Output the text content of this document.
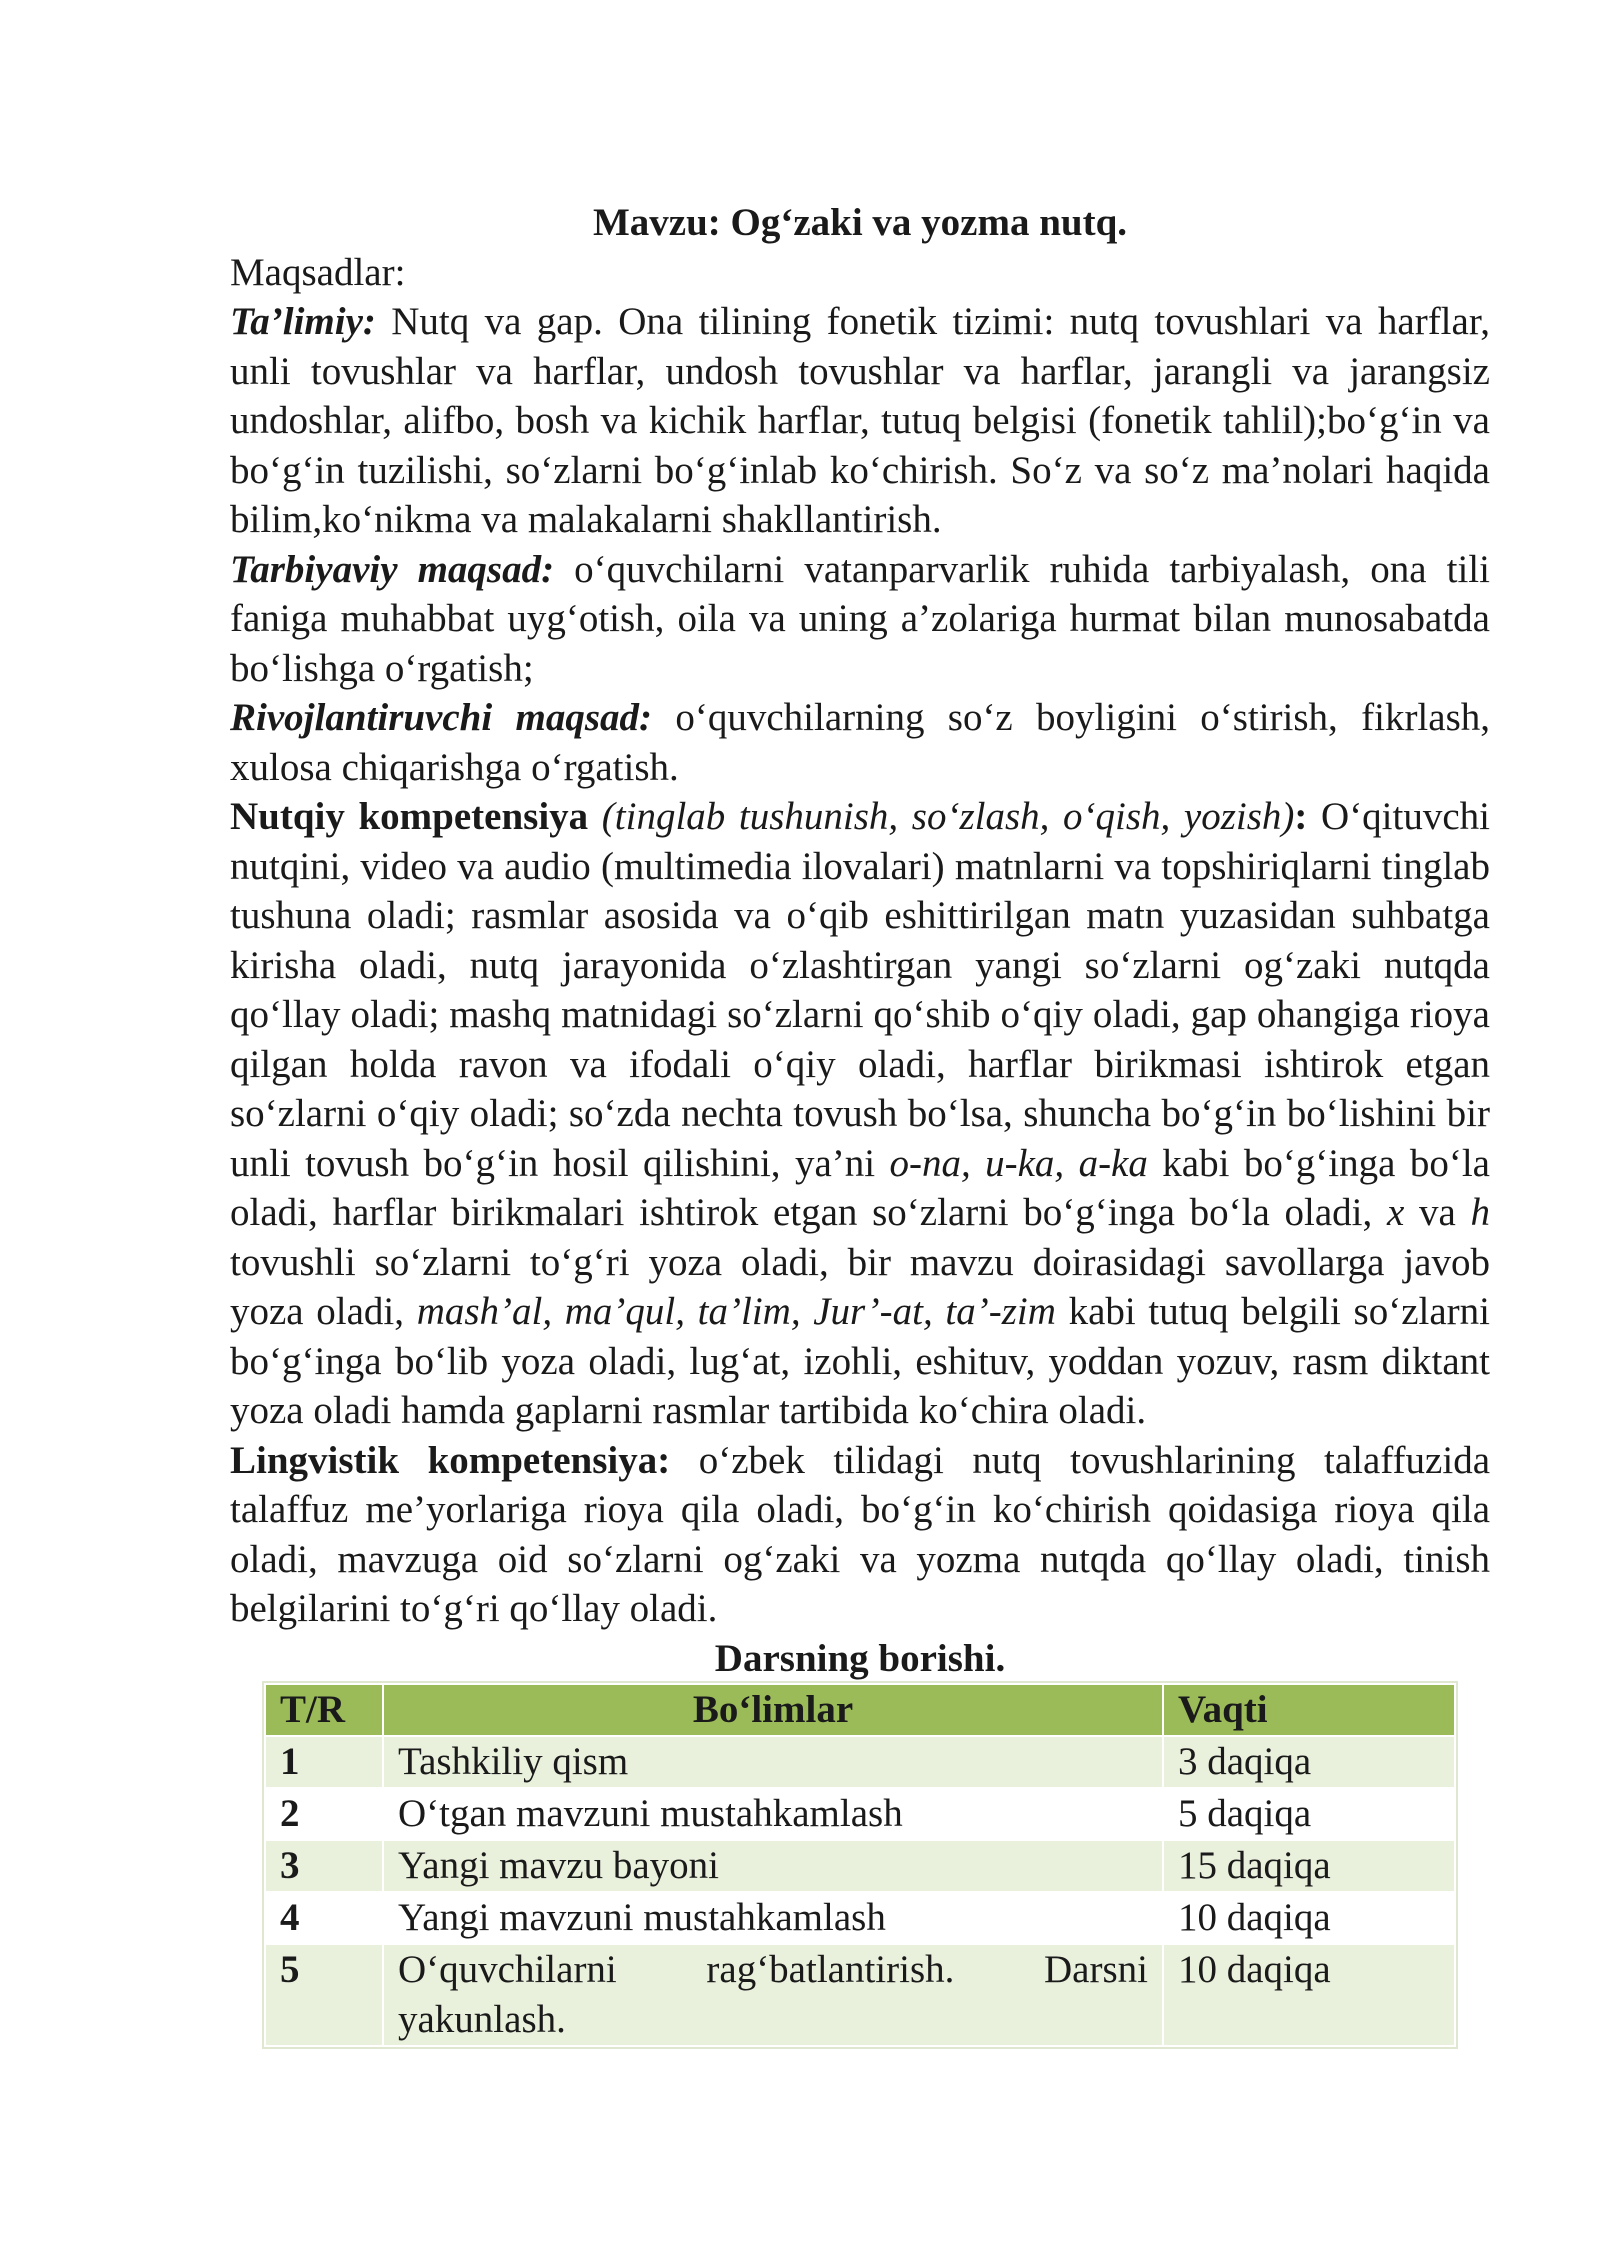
Mavzu: Og‘zaki va yozma nutq.

Maqsadlar:

Ta’limiy: Nutq va gap. Ona tilining fonetik tizimi: nutq tovushlari va harflar, unli tovushlar va harflar, undosh tovushlar va harflar, jarangli va jarangsiz undoshlar, alifbo, bosh va kichik harflar, tutuq belgisi (fonetik tahlil);bo‘g‘in va bo‘g‘in tuzilishi, so‘zlarni bo‘g‘inlab ko‘chirish. So‘z va so‘z ma’nolari haqida bilim,ko‘nikma va malakalarni shakllantirish.

Tarbiyaviy maqsad: o‘quvchilarni vatanparvarlik ruhida tarbiyalash, ona tili faniga muhabbat uyg‘otish, oila va uning a’zolariga hurmat bilan munosabatda bo‘lishga o‘rgatish;

Rivojlantiruvchi maqsad: o‘quvchilarning so‘z boyligini o‘stirish, fikrlash, xulosa chiqarishga o‘rgatish.

Nutqiy kompetensiya (tinglab tushunish, so‘zlash, o‘qish, yozish): O‘qituvchi nutqini, video va audio (multimedia ilovalari) matnlarni va topshiriqlarni tinglab tushuna oladi; rasmlar asosida va o‘qib eshittirilgan matn yuzasidan suhbatga kirisha oladi, nutq jarayonida o‘zlashtirgan yangi so‘zlarni og‘zaki nutqda qo‘llay oladi; mashq matnidagi so‘zlarni qo‘shib o‘qiy oladi, gap ohangiga rioya qilgan holda ravon va ifodali o‘qiy oladi, harflar birikmasi ishtirok etgan so‘zlarni o‘qiy oladi; so‘zda nechta tovush bo‘lsa, shuncha bo‘g‘in bo‘lishini bir unli tovush bo‘g‘in hosil qilishini, ya’ni o-na, u-ka, a-ka kabi bo‘g‘inga bo‘la oladi, harflar birikmalari ishtirok etgan so‘zlarni bo‘g‘inga bo‘la oladi, x va h tovushli so‘zlarni to‘g‘ri yoza oladi, bir mavzu doirasidagi savollarga javob yoza oladi, mash’al, ma’qul, ta’lim, Jur’-at, ta’-zim kabi tutuq belgili so‘zlarni bo‘g‘inga bo‘lib yoza oladi, lug‘at, izohli, eshituv, yoddan yozuv, rasm diktant yoza oladi hamda gaplarni rasmlar tartibida ko‘chira oladi.

Lingvistik kompetensiya: o‘zbek tilidagi nutq tovushlarining talaffuzida talaffuz me’yorlariga rioya qila oladi, bo‘g‘in ko‘chirish qoidasiga rioya qila oladi, mavzuga oid so‘zlarni og‘zaki va yozma nutqda qo‘llay oladi, tinish belgilarini to‘g‘ri qo‘llay oladi.

Darsning borishi.

T/R	Bo‘limlar	Vaqti
1	Tashkiliy qism	3 daqiqa
2	O‘tgan mavzuni mustahkamlash	5 daqiqa
3	Yangi mavzu bayoni	15 daqiqa
4	Yangi mavzuni mustahkamlash	10 daqiqa
5	O‘quvchilarni rag‘batlantirish. Darsni yakunlash.	10 daqiqa
